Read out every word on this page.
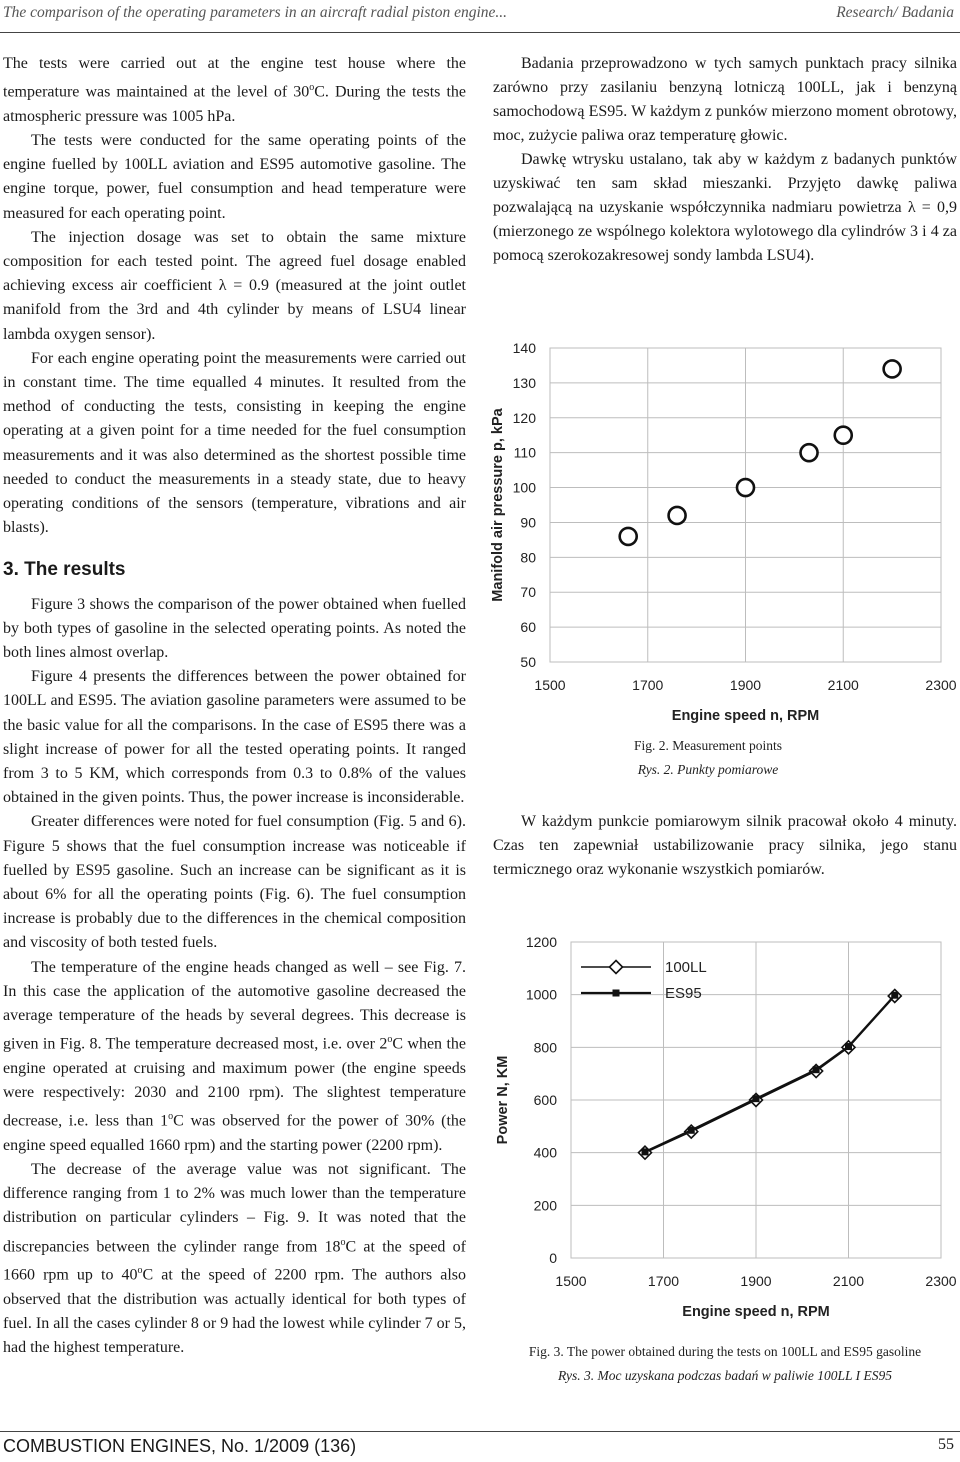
The comparison of the operating parameters in an aircraft radial piston engine...	Research/ Badania

The tests were carried out at the engine test house where the temperature was maintained at the level of 30$^o$C. During the tests the atmospheric pressure was 1005 hPa.

The tests were conducted for the same operating points of the engine fuelled by 100LL aviation and ES95 automotive gasoline. The engine torque, power, fuel consumption and head temperature were measured for each operating point.

The injection dosage was set to obtain the same mixture composition for each tested point. The agreed fuel dosage enabled achieving excess air coefficient λ = 0.9 (measured at the joint outlet manifold from the 3rd and 4th cylinder by means of LSU4 linear lambda oxygen sensor).

For each engine operating point the measurements were carried out in constant time. The time equalled 4 minutes. It resulted from the method of conducting the tests, consisting in keeping the engine operating at a given point for a time needed for the fuel consumption measurements and it was also determined as the shortest possible time needed to conduct the measurements in a steady state, due to heavy operating conditions of the sensors (temperature, vibrations and air blasts).

3. The results

Figure 3 shows the comparison of the power obtained when fuelled by both types of gasoline in the selected operating points. As noted the both lines almost overlap.

Figure 4 presents the differences between the power obtained for 100LL and ES95. The aviation gasoline parameters were assumed to be the basic value for all the comparisons. In the case of ES95 there was a slight increase of power for all the tested operating points. It ranged from 3 to 5 KM, which corresponds from 0.3 to 0.8% of the values obtained in the given points. Thus, the power increase is inconsiderable.

Greater differences were noted for fuel consumption (Fig. 5 and 6). Figure 5 shows that the fuel consumption increase was noticeable if fuelled by ES95 gasoline. Such an increase can be significant as it is about 6% for all the operating points (Fig. 6). The fuel consumption increase is probably due to the differences in the chemical composition and viscosity of both tested fuels.

The temperature of the engine heads changed as well – see Fig. 7. In this case the application of the automotive gasoline decreased the average temperature of the heads by several degrees. This decrease is given in Fig. 8. The temperature decreased most, i.e. over 2$^o$C when the engine operated at cruising and maximum power (the engine speeds were respectively: 2030 and 2100 rpm). The slightest temperature decrease, i.e. less than 1$^o$C was observed for the power of 30% (the engine speed equalled 1660 rpm) and the starting power (2200 rpm).

The decrease of the average value was not significant. The difference ranging from 1 to 2% was much lower than the temperature distribution on particular cylinders – Fig. 9. It was noted that the discrepancies between the cylinder range from 18$^o$C at the speed of 1660 rpm up to 40$^o$C at the speed of 2200 rpm. The authors also observed that the distribution was actually identical for both types of fuel. In all the cases cylinder 8 or 9 had the lowest while cylinder 7 or 5, had the highest temperature.

Badania przeprowadzono w tych samych punktach pracy silnika zarówno przy zasilaniu benzyną lotniczą 100LL, jak i benzyną samochodową ES95. W każdym z punków mierzono moment obrotowy, moc, zużycie paliwa oraz temperaturę głowic.

Dawkę wtrysku ustalano, tak aby w każdym z badanych punktów uzyskiwać ten sam skład mieszanki. Przyjęto dawkę paliwa pozwalającą na uzyskanie współczynnika nadmiaru powietrza λ = 0,9 (mierzonego ze wspólnego kolektora wylotowego dla cylindrów 3 i 4 za pomocą szerokozakresowej sondy lambda LSU4).

50
60
70
80
90
100
110
120
130
140
1500	1700	1900	2100	2300
Engine speed n, RPM
Manifold air pressure p, kPa
Fig. 2. Measurement points
Rys. 2. Punkty pomiarowe

W każdym punkcie pomiarowym silnik pracował około 4 minuty. Czas ten zapewniał ustabilizowanie pracy silnika, jego stanu termicznego oraz wykonanie wszystkich pomiarów.

0
200
400
600
800
1000
1200
1500	1700	1900	2100	2300
Engine speed n, RPM
Power N, KM
100LL
ES95
Fig. 3. The power obtained during the tests on 100LL and ES95 gasoline
Rys. 3. Moc uzyskana podczas badań w paliwie 100LL I ES95
COMBUSTION ENGINES, No. 1/2009 (136)	55
